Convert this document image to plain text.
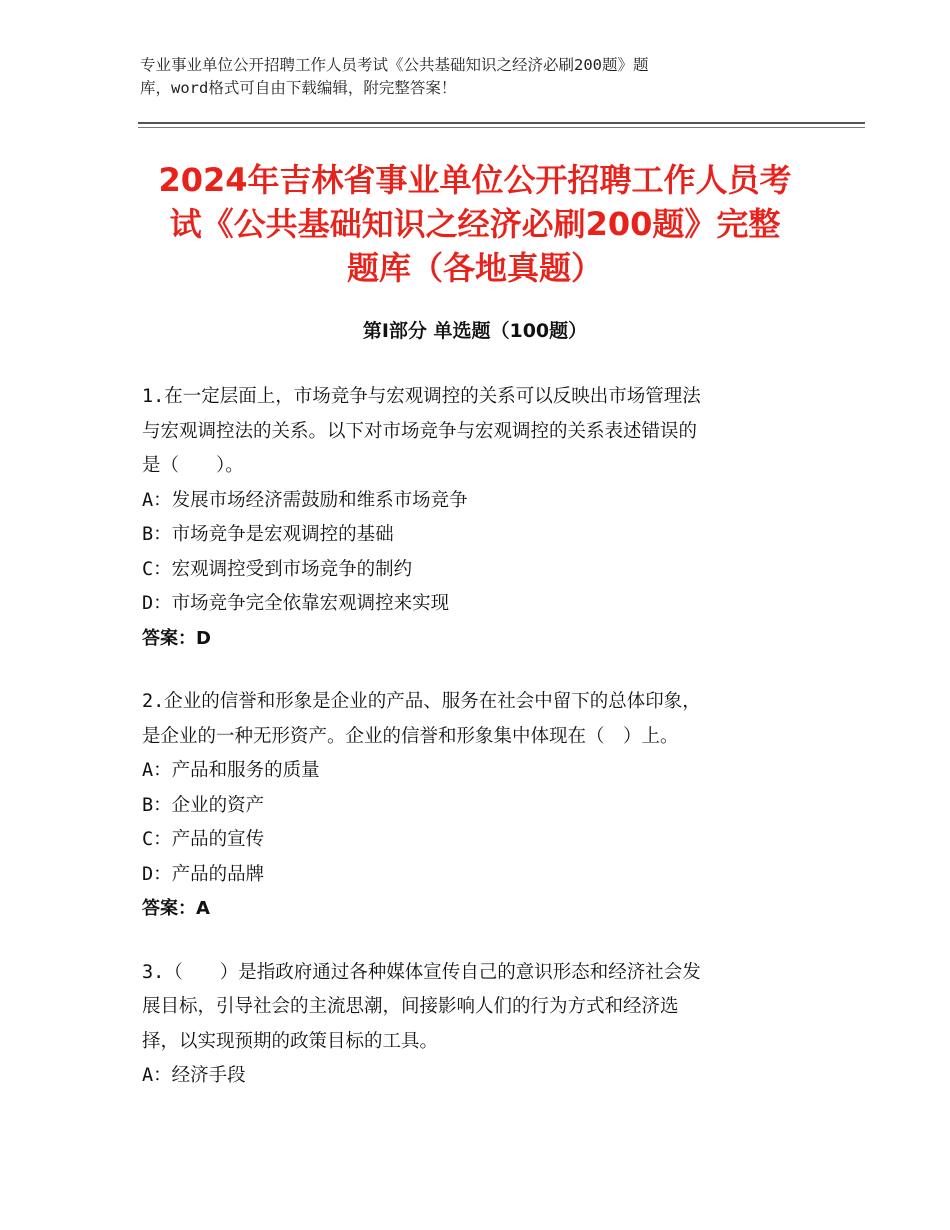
专业事业单位公开招聘工作人员考试《公共基础知识之经济必刷200题》题
库，word格式可自由下载编辑，附完整答案！
2024年吉林省事业单位公开招聘工作人员考
试《公共基础知识之经济必刷200题》完整
题库（各地真题）
第Ⅰ部分 单选题（100题）
1.在一定层面上，市场竞争与宏观调控的关系可以反映出市场管理法
与宏观调控法的关系。以下对市场竞争与宏观调控的关系表述错误的
是（　　）。
A：发展市场经济需鼓励和维系市场竞争
B：市场竞争是宏观调控的基础
C：宏观调控受到市场竞争的制约
D：市场竞争完全依靠宏观调控来实现
答案：D
2.企业的信誉和形象是企业的产品、服务在社会中留下的总体印象，
是企业的一种无形资产。企业的信誉和形象集中体现在（　）上。
A：产品和服务的质量
B：企业的资产
C：产品的宣传
D：产品的品牌
答案：A
3.（　　）是指政府通过各种媒体宣传自己的意识形态和经济社会发
展目标，引导社会的主流思潮，间接影响人们的行为方式和经济选
择，以实现预期的政策目标的工具。
A：经济手段
